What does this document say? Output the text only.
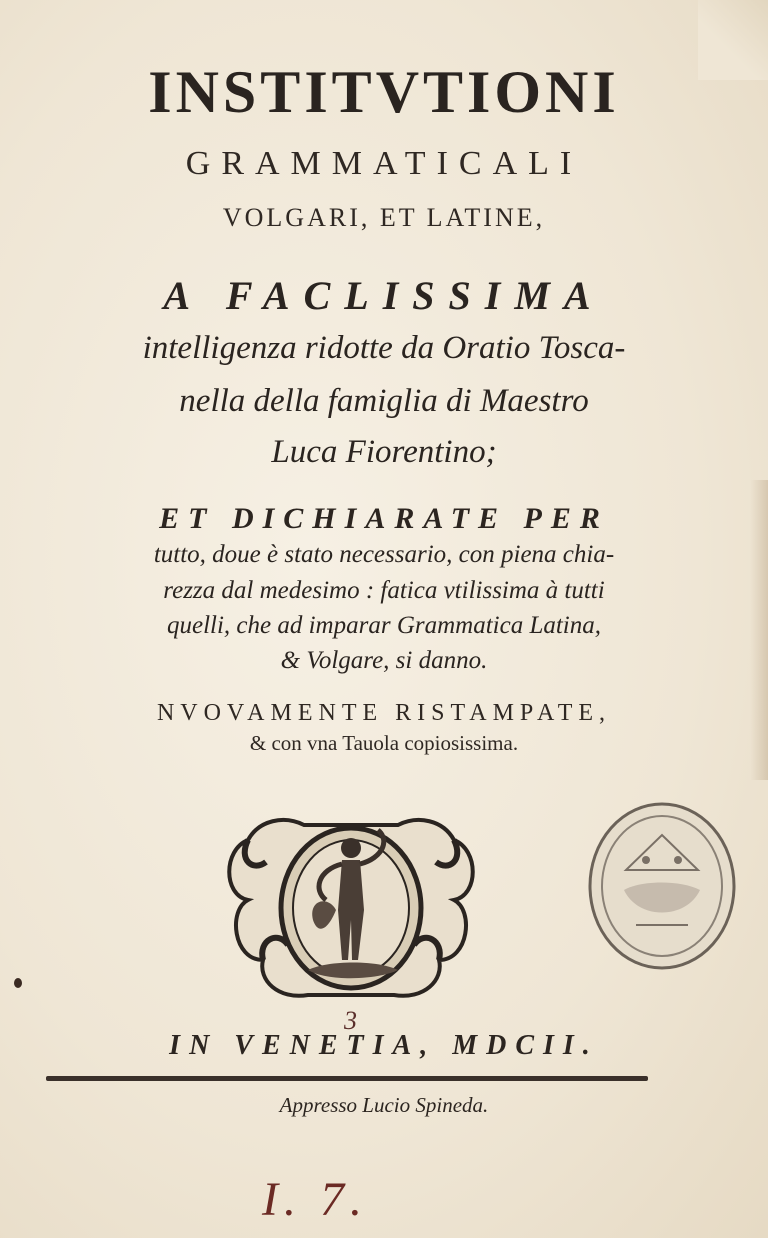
INSTITVTIONI
GRAMMATICALI
VOLGARI, ET LATINE,
A FACLISSIMA
intelligenza ridotte da Oratio Tosca-
nella della famiglia di Maestro
Luca Fiorentino;
ET DICHIARATE PER
tutto, doue è stato necessario, con piena chia-
rezza dal medesimo : fatica vtilissima à tutti
quelli, che ad imparar Grammatica Latina,
& Volgare, si danno.
NVOVAMENTE RISTAMPATE,
& con vna Tauola copiosissima.
3
IN VENETIA, MDCII.
Appresso Lucio Spineda.
I. 7.
